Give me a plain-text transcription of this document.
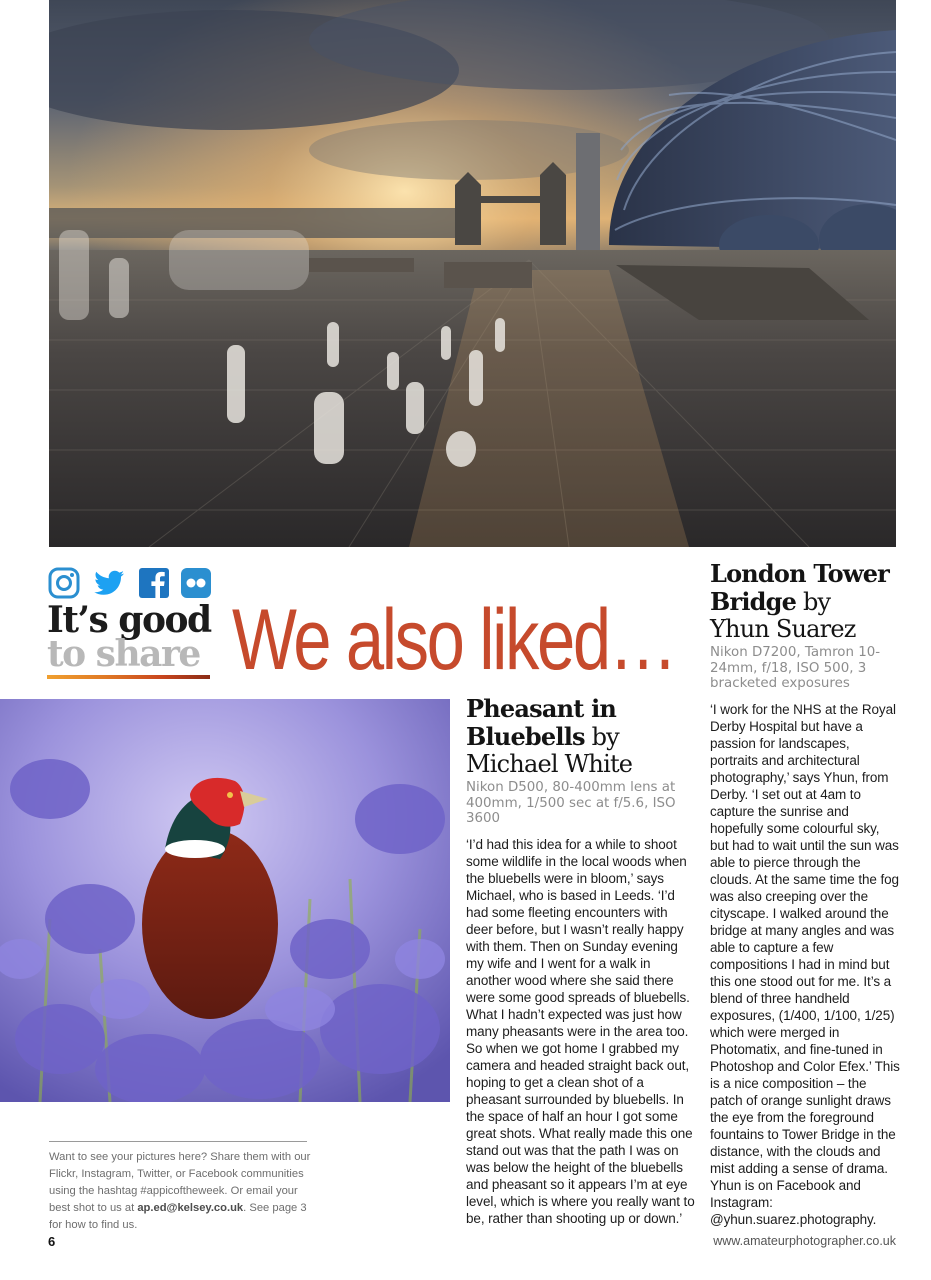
It’s good
to share We also liked…
Want to see your pictures here? Share them with our Flickr, Instagram, Twitter, or Facebook communities using the hashtag #appicoftheweek. Or email your best shot to us at ap.ed@kelsey.co.uk. See page 3 for how to find us.
Pheasant in Bluebells by
Michael White
Nikon D500, 80-400mm lens at 400mm, 1/500 sec at f/5.6, ISO 3600
‘I’d had this idea for a while to shoot some wildlife in the local woods when the bluebells were in bloom,’ says Michael, who is based in Leeds. ‘I’d had some fleeting encounters with deer before, but I wasn’t really happy with them. Then on Sunday evening my wife and I went for a walk in another wood where she said there were some good spreads of bluebells. What I hadn’t expected was just how many pheasants were in the area too. So when we got home I grabbed my camera and headed straight back out, hoping to get a clean shot of a pheasant surrounded by bluebells. In the space of half an hour I got some great shots. What really made this one stand out was that the path I was on was below the height of the bluebells and pheasant so it appears I’m at eye level, which is where you really want to be, rather than shooting up or down.’
London Tower Bridge by
Yhun Suarez
Nikon D7200, Tamron 10-24mm, f/18, ISO 500, 3 bracketed exposures
‘I work for the NHS at the Royal Derby Hospital but have a passion for landscapes, portraits and architectural photography,’ says Yhun, from Derby. ‘I set out at 4am to capture the sunrise and hopefully some colourful sky, but had to wait until the sun was able to pierce through the clouds. At the same time the fog was also creeping over the cityscape. I walked around the bridge at many angles and was able to capture a few compositions I had in mind but this one stood out for me. It’s a blend of three handheld exposures, (1/400, 1/100, 1/25) which were merged in Photomatix, and fine-tuned in Photoshop and Color Efex.’ This is a nice composition – the patch of orange sunlight draws the eye from the foreground fountains to Tower Bridge in the distance, with the clouds and mist adding a sense of drama. Yhun is on Facebook and Instagram: @yhun.suarez.photography.
6	www.amateurphotographer.co.uk
